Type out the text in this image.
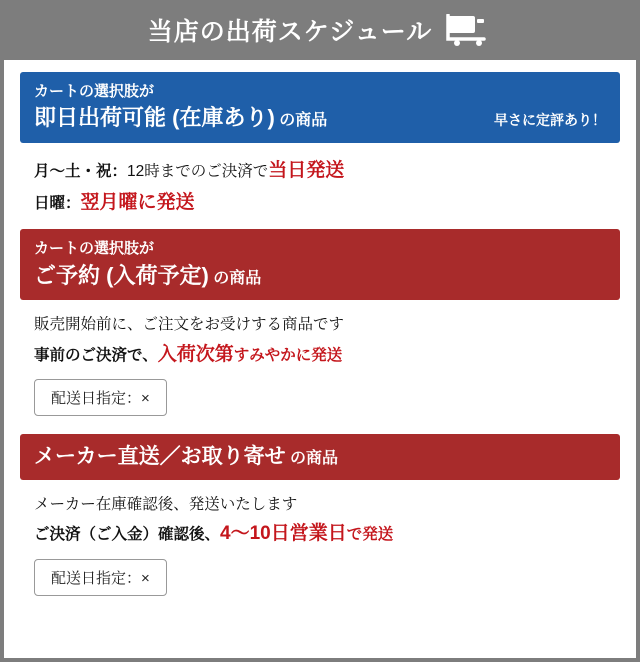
当店の出荷スケジュール

カートの選択肢が

即日出荷可能 (在庫あり) の商品	早さに定評あり！
月～土・祝：12時までのご決済で当日発送
日曜：翌月曜に発送

カートの選択肢が

ご予約 (入荷予定) の商品

販売開始前に、ご注文をお受けする商品です
事前のご決済で、入荷次第すみやかに発送
配送日指定：×

メーカー直送／お取り寄せ の商品

メーカー在庫確認後、発送いたします
ご決済（ご入金）確認後、4～10日営業日で発送
配送日指定：×
